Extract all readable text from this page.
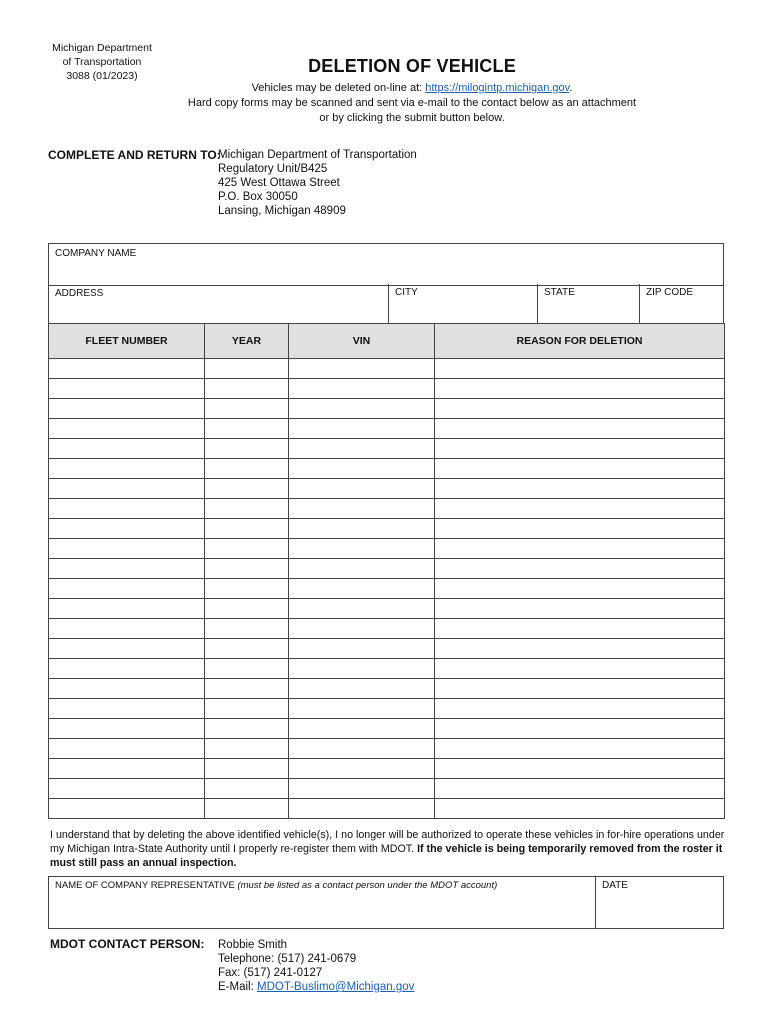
Michigan Department
of Transportation
3088 (01/2023)	DELETION OF VEHICLE
Vehicles may be deleted on-line at: https://milogintp.michigan.gov.
Hard copy forms may be scanned and sent via e-mail to the contact below as an attachment
or by clicking the submit button below.
COMPLETE AND RETURN TO:
Michigan Department of Transportation
Regulatory Unit/B425
425 West Ottawa Street
P.O. Box 30050
Lansing, Michigan 48909
COMPANY NAME
ADDRESS	CITY	STATE	ZIP CODE
FLEET NUMBER	YEAR	VIN	REASON FOR DELETION

I understand that by deleting the above identified vehicle(s), I no longer will be authorized to operate these vehicles in for-hire operations under my Michigan Intra-State Authority until I properly re-register them with MDOT. If the vehicle is being temporarily removed from the roster it must still pass an annual inspection.
NAME OF COMPANY REPRESENTATIVE (must be listed as a contact person under the MDOT account)	DATE
MDOT CONTACT PERSON: Robbie Smith
Telephone: (517) 241-0679
Fax: (517) 241-0127
E-Mail: MDOT-Buslimo@Michigan.gov
